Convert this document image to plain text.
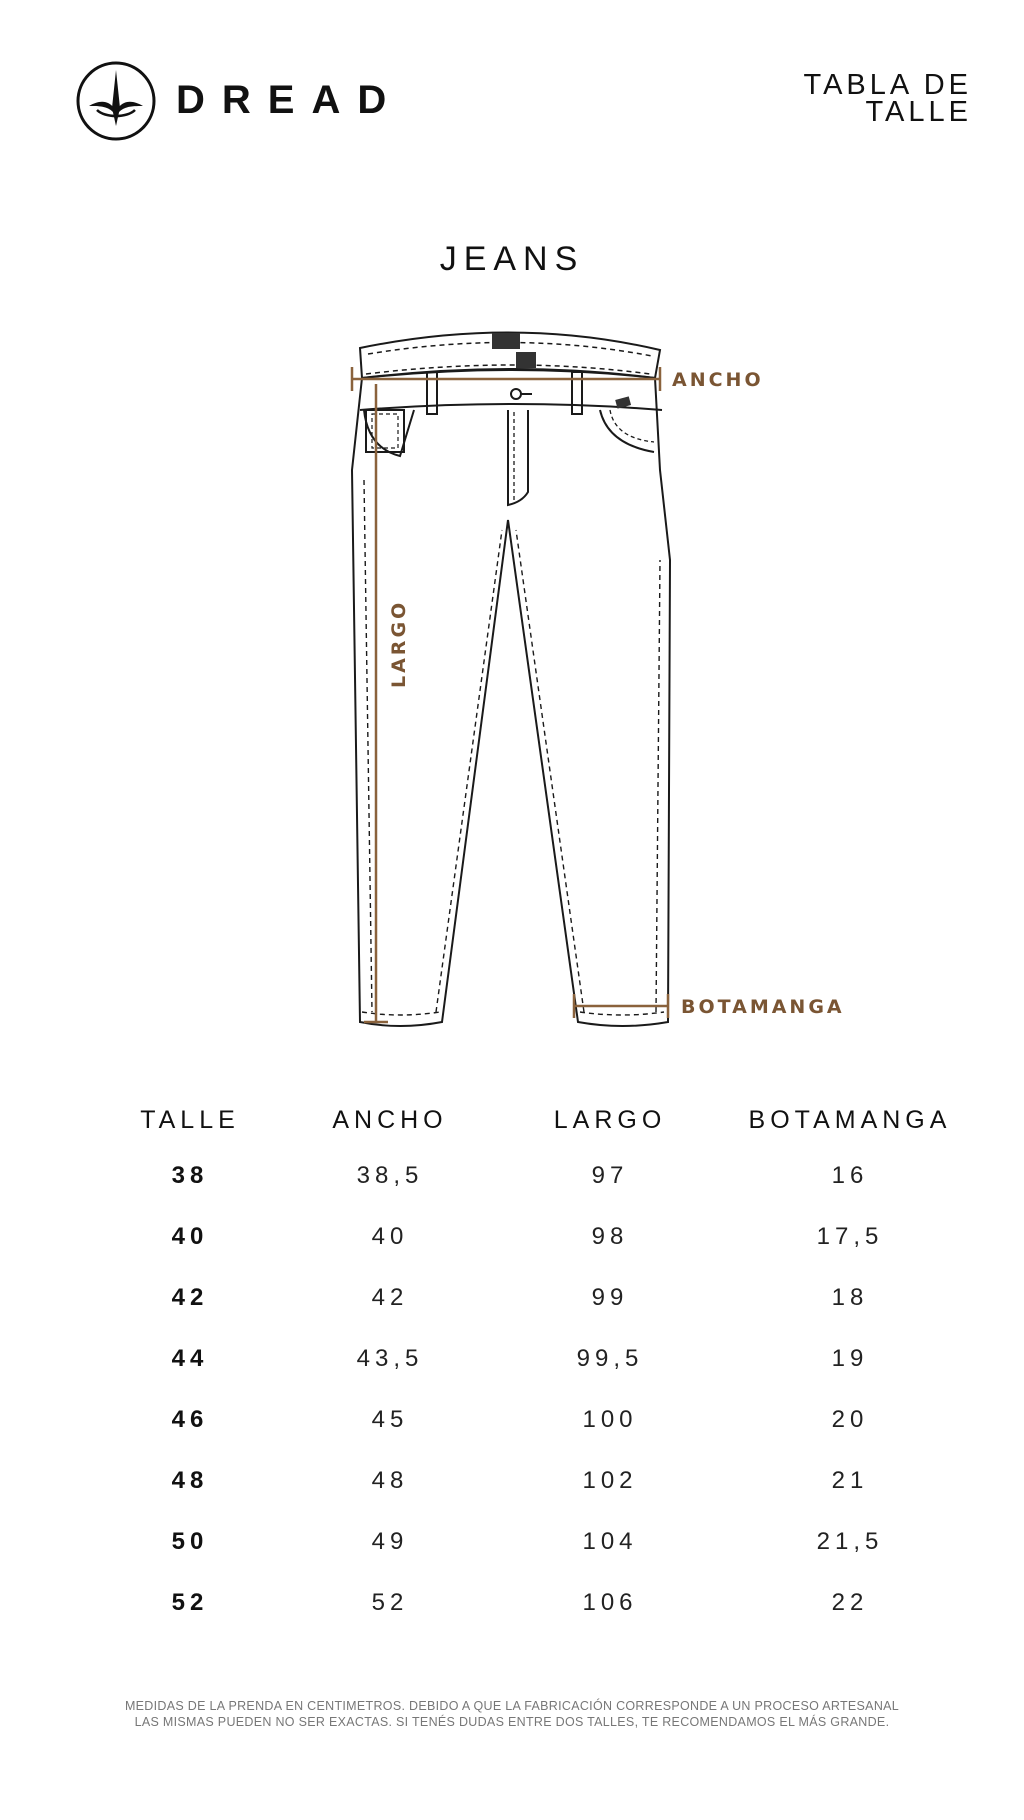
DREAD	TABLA DE
TALLE
JEANS
ANCHO
LARGO
BOTAMANGA
TALLE	ANCHO	LARGO	BOTAMANGA
38	38,5	97	16
40	40	98	17,5
42	42	99	18
44	43,5	99,5	19
46	45	100	20
48	48	102	21
50	49	104	21,5
52	52	106	22
MEDIDAS DE LA PRENDA EN CENTIMETROS. DEBIDO A QUE LA FABRICACIÓN CORRESPONDE A UN PROCESO ARTESANAL
LAS MISMAS PUEDEN NO SER EXACTAS. SI TENÉS DUDAS ENTRE DOS TALLES, TE RECOMENDAMOS EL MÁS GRANDE.
